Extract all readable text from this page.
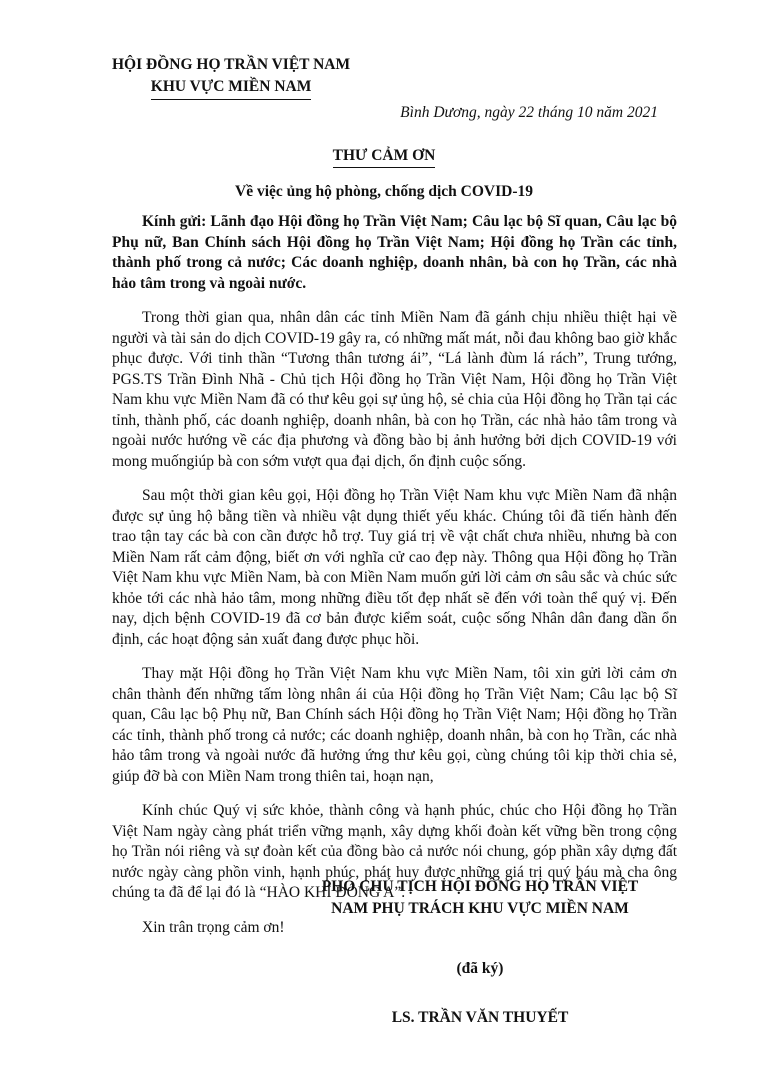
HỘI ĐỒNG HỌ TRẦN VIỆT NAM
KHU VỰC MIỀN NAM
Bình Dương, ngày 22 tháng 10 năm 2021
THƯ CẢM ƠN
Về việc ủng hộ phòng, chống dịch COVID-19

Kính gửi: Lãnh đạo Hội đồng họ Trần Việt Nam; Câu lạc bộ Sĩ quan, Câu lạc bộ Phụ nữ, Ban Chính sách Hội đồng họ Trần Việt Nam; Hội đồng họ Trần các tỉnh, thành phố trong cả nước; Các doanh nghiệp, doanh nhân, bà con họ Trần, các nhà hảo tâm trong và ngoài nước.

Trong thời gian qua, nhân dân các tỉnh Miền Nam đã gánh chịu nhiều thiệt hại về người và tài sản do dịch COVID-19 gây ra, có những mất mát, nỗi đau không bao giờ khắc phục được. Với tinh thần “Tương thân tương ái”, “Lá lành đùm lá rách”, Trung tướng, PGS.TS Trần Đình Nhã - Chủ tịch Hội đồng họ Trần Việt Nam, Hội đồng họ Trần Việt Nam khu vực Miền Nam đã có thư kêu gọi sự ủng hộ, sẻ chia của Hội đồng họ Trần tại các tỉnh, thành phố, các doanh nghiệp, doanh nhân, bà con họ Trần, các nhà hảo tâm trong và ngoài nước hướng về các địa phương và đồng bào bị ảnh hưởng bởi dịch COVID-19 với mong muốngiúp bà con sớm vượt qua đại dịch, ổn định cuộc sống.

Sau một thời gian kêu gọi, Hội đồng họ Trần Việt Nam khu vực Miền Nam đã nhận được sự ủng hộ bằng tiền và nhiều vật dụng thiết yếu khác. Chúng tôi đã tiến hành đến trao tận tay các bà con cần được hỗ trợ. Tuy giá trị về vật chất chưa nhiều, nhưng bà con Miền Nam rất cảm động, biết ơn với nghĩa cử cao đẹp này. Thông qua Hội đồng họ Trần Việt Nam khu vực Miền Nam, bà con Miền Nam muốn gửi lời cảm ơn sâu sắc và chúc sức khỏe tới các nhà hảo tâm, mong những điều tốt đẹp nhất sẽ đến với toàn thể quý vị. Đến nay, dịch bệnh COVID-19 đã cơ bản được kiểm soát, cuộc sống Nhân dân đang dần ổn định, các hoạt động sản xuất đang được phục hồi.

Thay mặt Hội đồng họ Trần Việt Nam khu vực Miền Nam, tôi xin gửi lời cảm ơn chân thành đến những tấm lòng nhân ái của Hội đồng họ Trần Việt Nam; Câu lạc bộ Sĩ quan, Câu lạc bộ Phụ nữ, Ban Chính sách Hội đồng họ Trần Việt Nam; Hội đồng họ Trần các tỉnh, thành phố trong cả nước; các doanh nghiệp, doanh nhân, bà con họ Trần, các nhà hảo tâm trong và ngoài nước đã hưởng ứng thư kêu gọi, cùng chúng tôi kịp thời chia sẻ, giúp đỡ bà con Miền Nam trong thiên tai, hoạn nạn,

Kính chúc Quý vị sức khỏe, thành công và hạnh phúc, chúc cho Hội đồng họ Trần Việt Nam ngày càng phát triển vững mạnh, xây dựng khối đoàn kết vững bền trong cộng họ Trần nói riêng và sự đoàn kết của đồng bào cả nước nói chung, góp phần xây dựng đất nước ngày càng phồn vinh, hạnh phúc, phát huy được những giá trị quý báu mà cha ông chúng ta đã để lại đó là “HÀO KHÍ ĐÔNG A”.

Xin trân trọng cảm ơn!

PHÓ CHỦ TỊCH HỘI ĐỒNG HỌ TRẦN VIỆT
NAM PHỤ TRÁCH KHU VỰC MIỀN NAM
(đã ký)
LS. TRẦN VĂN THUYẾT
